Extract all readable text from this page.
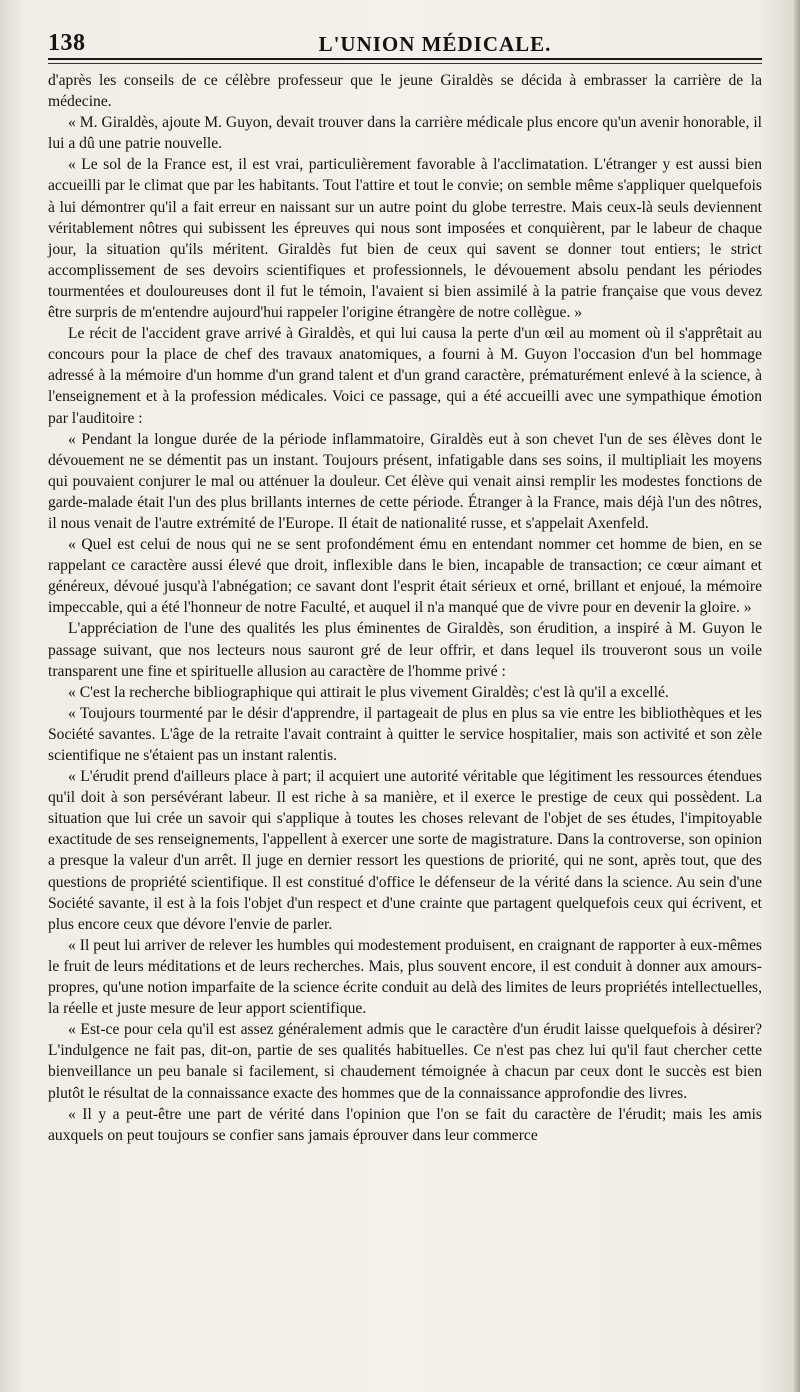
138	L'UNION MÉDICALE.

d'après les conseils de ce célèbre professeur que le jeune Giraldès se décida à embrasser la carrière de la médecine.

« M. Giraldès, ajoute M. Guyon, devait trouver dans la carrière médicale plus encore qu'un avenir honorable, il lui a dû une patrie nouvelle.

« Le sol de la France est, il est vrai, particulièrement favorable à l'acclimatation. L'étranger y est aussi bien accueilli par le climat que par les habitants. Tout l'attire et tout le convie; on semble même s'appliquer quelquefois à lui démontrer qu'il a fait erreur en naissant sur un autre point du globe terrestre. Mais ceux-là seuls deviennent véritablement nôtres qui subissent les épreuves qui nous sont imposées et conquièrent, par le labeur de chaque jour, la situation qu'ils méritent. Giraldès fut bien de ceux qui savent se donner tout entiers; le strict accomplissement de ses devoirs scientifiques et professionnels, le dévouement absolu pendant les périodes tourmentées et douloureuses dont il fut le témoin, l'avaient si bien assimilé à la patrie française que vous devez être surpris de m'entendre aujourd'hui rappeler l'origine étrangère de notre collègue. »

Le récit de l'accident grave arrivé à Giraldès, et qui lui causa la perte d'un œil au moment où il s'apprêtait au concours pour la place de chef des travaux anatomiques, a fourni à M. Guyon l'occasion d'un bel hommage adressé à la mémoire d'un homme d'un grand talent et d'un grand caractère, prématurément enlevé à la science, à l'enseignement et à la profession médicales. Voici ce passage, qui a été accueilli avec une sympathique émotion par l'auditoire :

« Pendant la longue durée de la période inflammatoire, Giraldès eut à son chevet l'un de ses élèves dont le dévouement ne se démentit pas un instant. Toujours présent, infatigable dans ses soins, il multipliait les moyens qui pouvaient conjurer le mal ou atténuer la douleur. Cet élève qui venait ainsi remplir les modestes fonctions de garde-malade était l'un des plus brillants internes de cette période. Étranger à la France, mais déjà l'un des nôtres, il nous venait de l'autre extrémité de l'Europe. Il était de nationalité russe, et s'appelait Axenfeld.

« Quel est celui de nous qui ne se sent profondément ému en entendant nommer cet homme de bien, en se rappelant ce caractère aussi élevé que droit, inflexible dans le bien, incapable de transaction; ce cœur aimant et généreux, dévoué jusqu'à l'abnégation; ce savant dont l'esprit était sérieux et orné, brillant et enjoué, la mémoire impeccable, qui a été l'honneur de notre Faculté, et auquel il n'a manqué que de vivre pour en devenir la gloire. »

L'appréciation de l'une des qualités les plus éminentes de Giraldès, son érudition, a inspiré à M. Guyon le passage suivant, que nos lecteurs nous sauront gré de leur offrir, et dans lequel ils trouveront sous un voile transparent une fine et spirituelle allusion au caractère de l'homme privé :

« C'est la recherche bibliographique qui attirait le plus vivement Giraldès; c'est là qu'il a excellé.

« Toujours tourmenté par le désir d'apprendre, il partageait de plus en plus sa vie entre les bibliothèques et les Société savantes. L'âge de la retraite l'avait contraint à quitter le service hospitalier, mais son activité et son zèle scientifique ne s'étaient pas un instant ralentis.

« L'érudit prend d'ailleurs place à part; il acquiert une autorité véritable que légitiment les ressources étendues qu'il doit à son persévérant labeur. Il est riche à sa manière, et il exerce le prestige de ceux qui possèdent. La situation que lui crée un savoir qui s'applique à toutes les choses relevant de l'objet de ses études, l'impitoyable exactitude de ses renseignements, l'appellent à exercer une sorte de magistrature. Dans la controverse, son opinion a presque la valeur d'un arrêt. Il juge en dernier ressort les questions de priorité, qui ne sont, après tout, que des questions de propriété scientifique. Il est constitué d'office le défenseur de la vérité dans la science. Au sein d'une Société savante, il est à la fois l'objet d'un respect et d'une crainte que partagent quelquefois ceux qui écrivent, et plus encore ceux que dévore l'envie de parler.

« Il peut lui arriver de relever les humbles qui modestement produisent, en craignant de rapporter à eux-mêmes le fruit de leurs méditations et de leurs recherches. Mais, plus souvent encore, il est conduit à donner aux amours-propres, qu'une notion imparfaite de la science écrite conduit au delà des limites de leurs propriétés intellectuelles, la réelle et juste mesure de leur apport scientifique.

« Est-ce pour cela qu'il est assez généralement admis que le caractère d'un érudit laisse quelquefois à désirer? L'indulgence ne fait pas, dit-on, partie de ses qualités habituelles. Ce n'est pas chez lui qu'il faut chercher cette bienveillance un peu banale si facilement, si chaudement témoignée à chacun par ceux dont le succès est bien plutôt le résultat de la connaissance exacte des hommes que de la connaissance approfondie des livres.

« Il y a peut-être une part de vérité dans l'opinion que l'on se fait du caractère de l'érudit; mais les amis auxquels on peut toujours se confier sans jamais éprouver dans leur commerce
